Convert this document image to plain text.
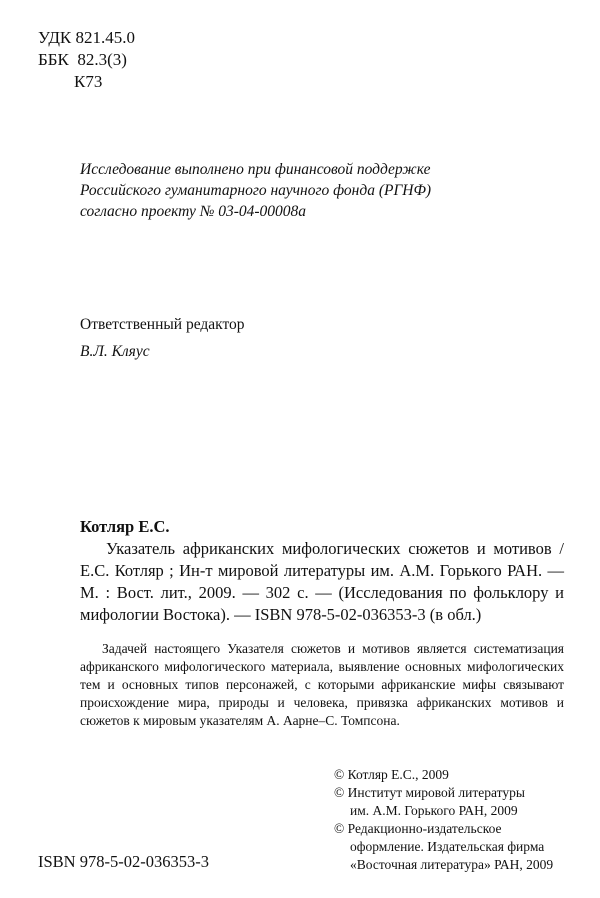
УДК 821.45.0
ББК  82.3(3)
К73
Исследование выполнено при финансовой поддержке
Российского гуманитарного научного фонда (РГНФ)
согласно проекту № 03-04-00008а
Ответственный редактор
В.Л. Кляус
Котляр Е.С.
Указатель африканских мифологических сюжетов и мотивов / Е.С. Котляр ; Ин-т мировой литературы им. А.М. Горького РАН. — М. : Вост. лит., 2009. — 302 с. — (Исследования по фольклору и мифологии Востока). — ISBN 978-5-02-036353-3 (в обл.)
Задачей настоящего Указателя сюжетов и мотивов является систематизация африканского мифологического материала, выявление основных мифологических тем и основных типов персонажей, с которыми африканские мифы связывают происхождение мира, природы и человека, привязка африканских мотивов и сюжетов к мировым указателям А. Аарне–С. Томпсона.
© Котляр Е.С., 2009
© Институт мировой литературы
им. А.М. Горького РАН, 2009
© Редакционно-издательское
оформление. Издательская фирма
«Восточная литература» РАН, 2009
ISBN 978-5-02-036353-3
